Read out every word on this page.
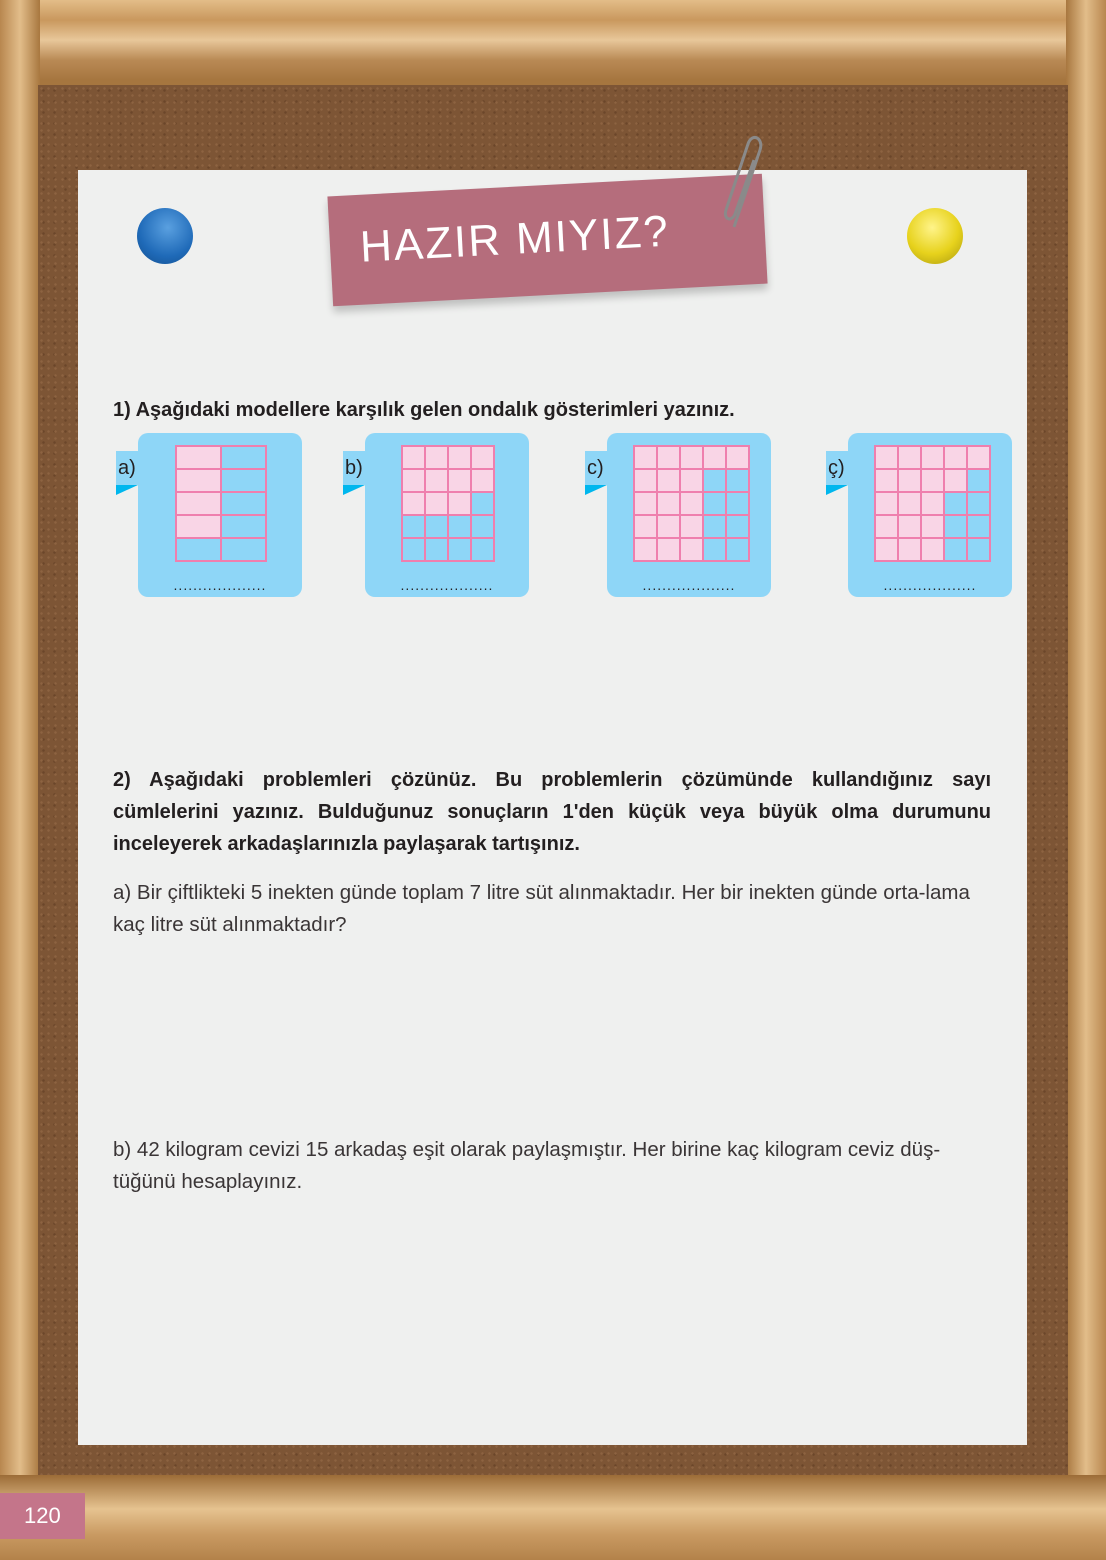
HAZIR MIYIZ?
1) Aşağıdaki modellere karşılık gelen ondalık gösterimleri yazınız.
a)
...................
b)
...................
c)
...................
ç)
...................
2) Aşağıdaki problemleri çözünüz. Bu problemlerin çözümünde kullandığınız sayı cümlelerini yazınız. Bulduğunuz sonuçların 1'den küçük veya büyük olma durumunu inceleyerek arkadaşlarınızla paylaşarak tartışınız.
a) Bir çiftlikteki 5 inekten günde toplam 7 litre süt alınmaktadır. Her bir inekten günde orta-lama kaç litre süt alınmaktadır?
b) 42 kilogram cevizi 15 arkadaş eşit olarak paylaşmıştır. Her birine kaç kilogram ceviz düş-tüğünü hesaplayınız.
120
